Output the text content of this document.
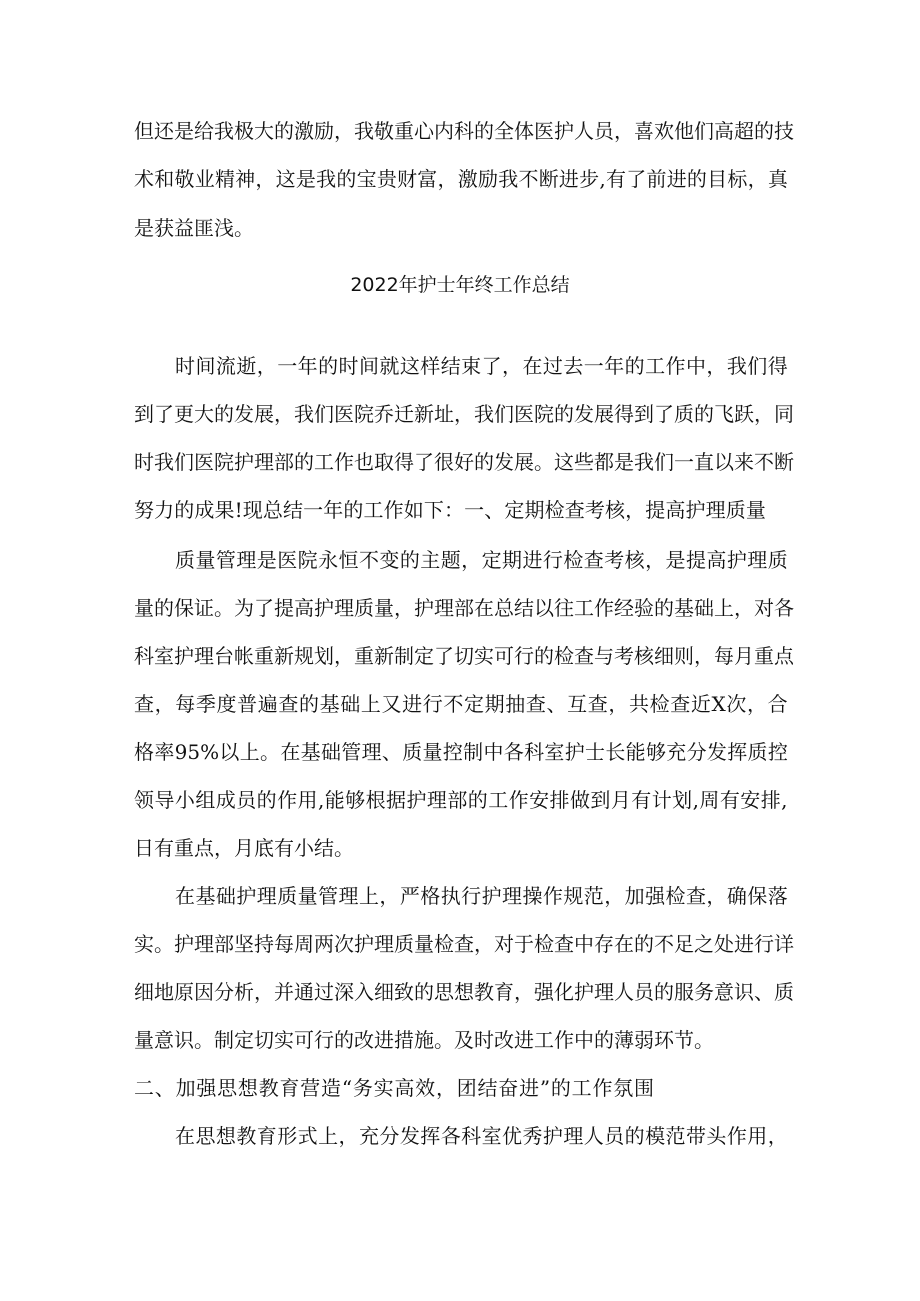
但 还 是 给 我 极 大 的 激 励 ， 我 敬 重 心 内 科 的 全 体 医 护 人 员 ， 喜 欢 他 们 高 超 的 技
术 和 敬 业 精 神 ， 这 是 我 的 宝 贵 财 富 ， 激 励 我 不 断 进 步 , 有 了 前 进 的 目 标 ， 真
是获益匪浅。
2022年护士年终工作总结
时 间 流 逝 ， 一 年 的 时 间 就 这 样 结 束 了 ， 在 过 去 一 年 的 工 作 中 ， 我 们 得
到 了 更 大 的 发 展 ， 我 们 医 院 乔 迁 新 址 ， 我 们 医 院 的 发 展 得 到 了 质 的 飞 跃 ， 同
时 我 们 医 院 护 理 部 的 工 作 也 取 得 了 很 好 的 发 展 。 这 些 都 是 我 们 一 直 以 来 不 断
努 力 的 成 果 ! 现 总 结 一 年 的 工 作 如 下 ： 一 、 定 期 检 查 考 核 ， 提 高 护 理 质 量
质 量 管 理 是 医 院 永 恒 不 变 的 主 题 ， 定 期 进 行 检 查 考 核 ， 是 提 高 护 理 质
量 的 保 证 。 为 了 提 高 护 理 质 量 ， 护 理 部 在 总 结 以 往 工 作 经 验 的 基 础 上 ， 对 各
科 室 护 理 台 帐 重 新 规 划 ， 重 新 制 定 了 切 实 可 行 的 检 查 与 考 核 细 则 ， 每 月 重 点
查 ， 每 季 度 普 遍 查 的 基 础 上 又 进 行 不 定 期 抽 查 、 互 查 ， 共 检 查 近 X 次 ， 合
格 率 95% 以 上 。 在 基 础 管 理 、 质 量 控 制 中 各 科 室 护 士 长 能 够 充 分 发 挥 质 控
领 导 小 组 成 员 的 作 用 , 能 够 根 据 护 理 部 的 工 作 安 排 做 到 月 有 计 划 , 周 有 安 排 ,
日有重点，月底有小结。
在 基 础 护 理 质 量 管 理 上 ， 严 格 执 行 护 理 操 作 规 范 ， 加 强 检 查 ， 确 保 落
实 。 护 理 部 坚 持 每 周 两 次 护 理 质 量 检 查 ， 对 于 检 查 中 存 在 的 不 足 之 处 进 行 详
细 地 原 因 分 析 ， 并 通 过 深 入 细 致 的 思 想 教 育 ， 强 化 护 理 人 员 的 服 务 意 识 、 质
量 意 识 。 制 定 切 实 可 行 的 改 进 措 施 。 及 时 改 进 工 作 中 的 薄 弱 环 节 。
二 、 加 强 思 想 教 育 营 造 “ 务 实 高 效 ， 团 结 奋 进 ” 的 工 作 氛 围
在 思 想 教 育 形 式 上 ， 充 分 发 挥 各 科 室 优 秀 护 理 人 员 的 模 范 带 头 作 用 ，
